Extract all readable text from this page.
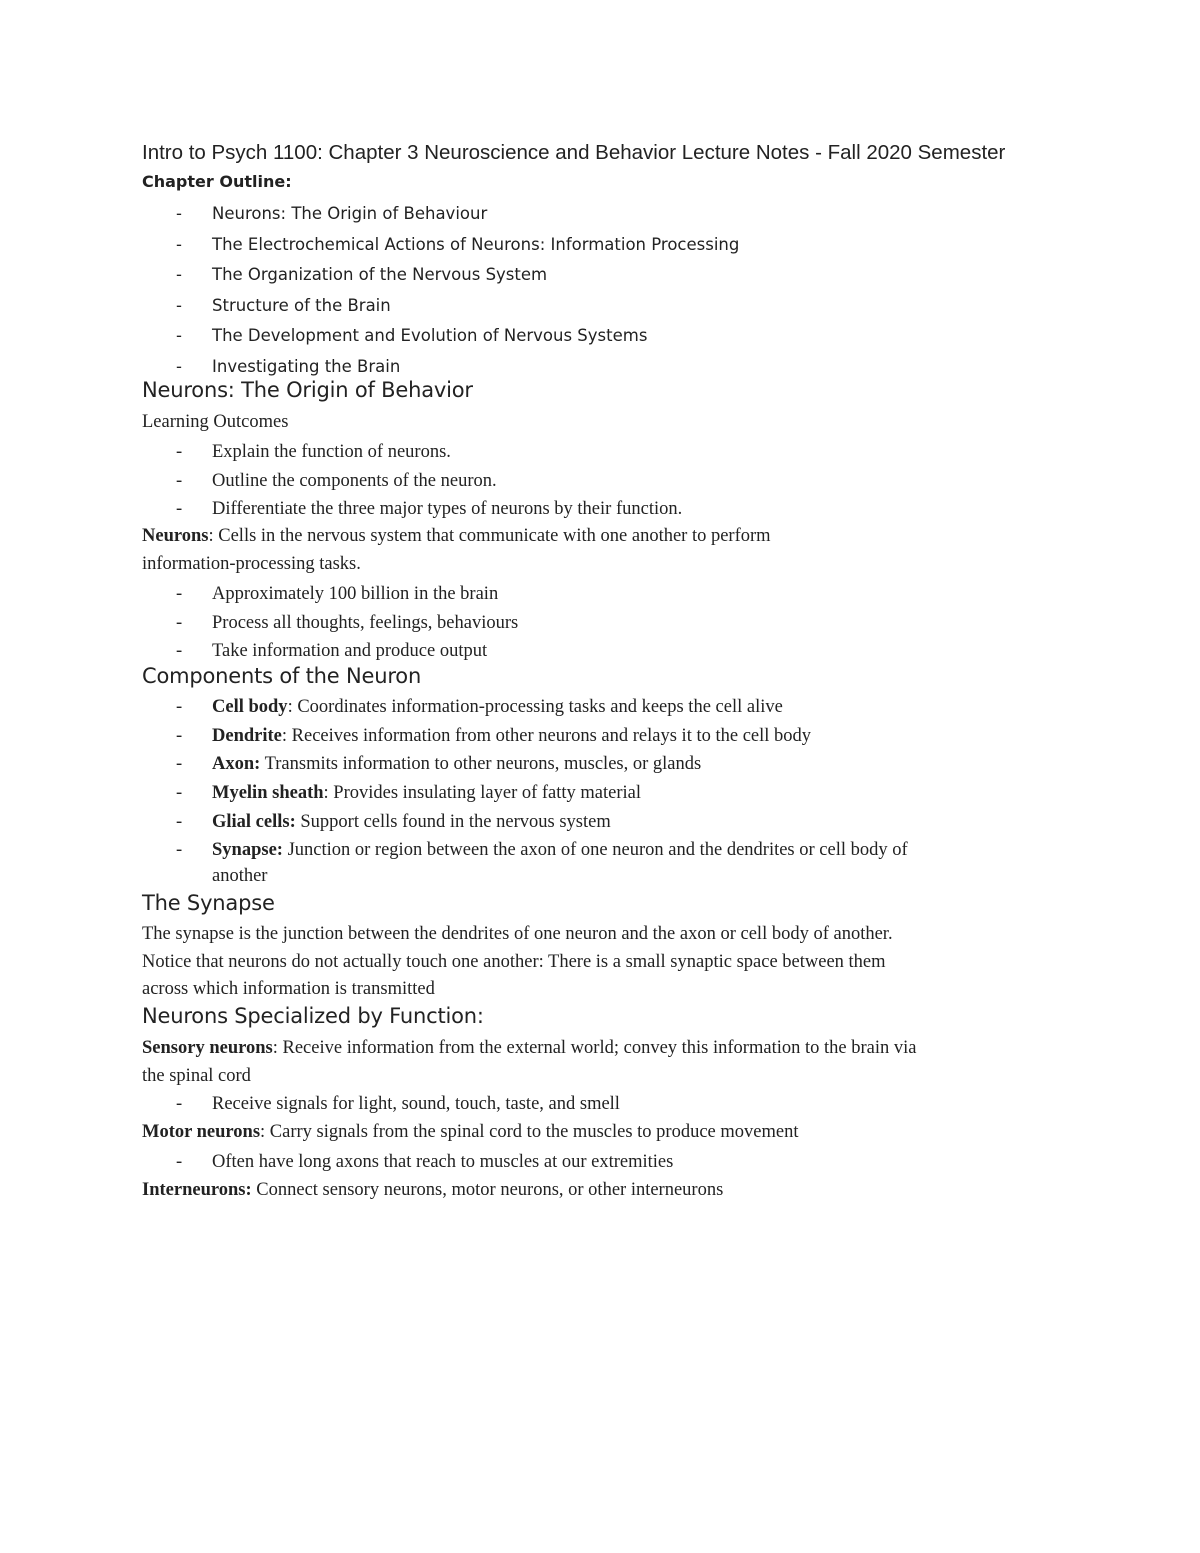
Intro to Psych 1100: Chapter 3 Neuroscience and Behavior Lecture Notes - Fall 2020 Semester
Chapter Outline:
-	Neurons: The Origin of Behaviour
-	The Electrochemical Actions of Neurons: Information Processing
-	The Organization of the Nervous System
-	Structure of the Brain
-	The Development and Evolution of Nervous Systems
-	Investigating the Brain
Neurons: The Origin of Behavior
Learning Outcomes
-	Explain the function of neurons.
-	Outline the components of the neuron.
-	Differentiate the three major types of neurons by their function.
Neurons: Cells in the nervous system that communicate with one another to perform
information-processing tasks.
-	Approximately 100 billion in the brain
-	Process all thoughts, feelings, behaviours
-	Take information and produce output
Components of the Neuron
-	Cell body: Coordinates information-processing tasks and keeps the cell alive
-	Dendrite: Receives information from other neurons and relays it to the cell body
-	Axon: Transmits information to other neurons, muscles, or glands
-	Myelin sheath: Provides insulating layer of fatty material
-	Glial cells: Support cells found in the nervous system
-	Synapse: Junction or region between the axon of one neuron and the dendrites or cell body of
another
The Synapse
The synapse is the junction between the dendrites of one neuron and the axon or cell body of another.
Notice that neurons do not actually touch one another: There is a small synaptic space between them
across which information is transmitted
Neurons Specialized by Function:
Sensory neurons: Receive information from the external world; convey this information to the brain via
the spinal cord
-	Receive signals for light, sound, touch, taste, and smell
Motor neurons: Carry signals from the spinal cord to the muscles to produce movement
-	Often have long axons that reach to muscles at our extremities
Interneurons: Connect sensory neurons, motor neurons, or other interneurons
